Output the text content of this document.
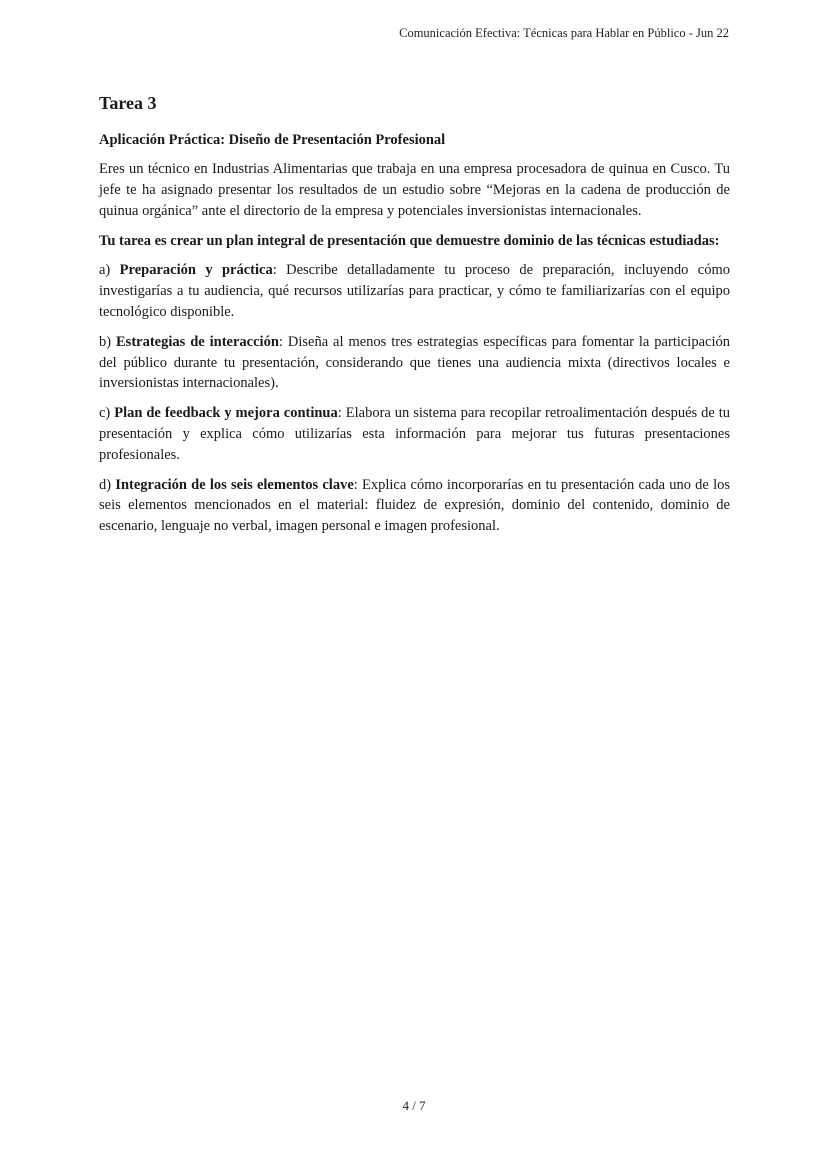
Comunicación Efectiva: Técnicas para Hablar en Público - Jun 22
Tarea 3
Aplicación Práctica: Diseño de Presentación Profesional

Eres un técnico en Industrias Alimentarias que trabaja en una empresa procesadora de quinua en Cusco. Tu jefe te ha asignado presentar los resultados de un estudio sobre “Mejoras en la cadena de producción de quinua orgánica” ante el directorio de la empresa y potenciales inversionistas internacionales.

Tu tarea es crear un plan integral de presentación que demuestre dominio de las técnicas estudiadas:

a) Preparación y práctica: Describe detalladamente tu proceso de preparación, incluyendo cómo investigarías a tu audiencia, qué recursos utilizarías para practicar, y cómo te familiarizarías con el equipo tecnológico disponible.

b) Estrategias de interacción: Diseña al menos tres estrategias específicas para fomentar la participación del público durante tu presentación, considerando que tienes una audiencia mixta (directivos locales e inversionistas internacionales).

c) Plan de feedback y mejora continua: Elabora un sistema para recopilar retroalimentación después de tu presentación y explica cómo utilizarías esta información para mejorar tus futuras presentaciones profesionales.

d) Integración de los seis elementos clave: Explica cómo incorporarías en tu presentación cada uno de los seis elementos mencionados en el material: fluidez de expresión, dominio del contenido, dominio de escenario, lenguaje no verbal, imagen personal e imagen profesional.

4 / 7
